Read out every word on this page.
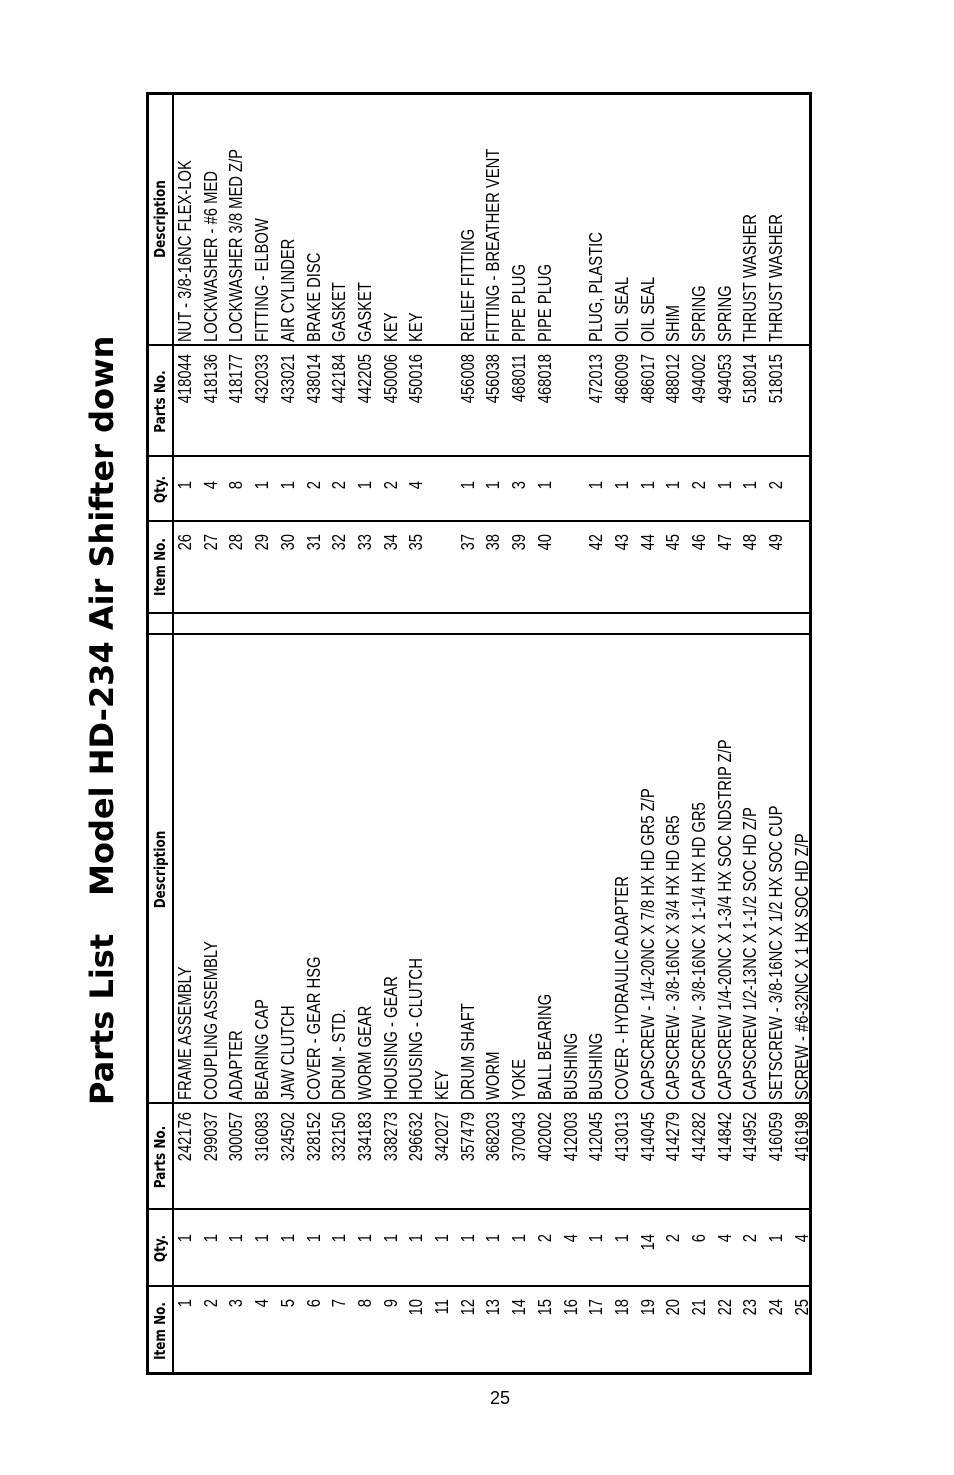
Parts ListModel HD-234 Air Shifter down
Item No.
Qty.
Parts No.
Description
Item No.
Qty.
Parts No.
Description
1
1
242176
FRAME ASSEMBLY
2
1
299037
COUPLING ASSEMBLY
3
1
300057
ADAPTER
4
1
316083
BEARING CAP
5
1
324502
JAW CLUTCH
6
1
328152
COVER - GEAR HSG
7
1
332150
DRUM - STD.
8
1
334183
WORM GEAR
9
1
338273
HOUSING - GEAR
10
1
296632
HOUSING - CLUTCH
11
1
342027
KEY
12
1
357479
DRUM SHAFT
13
1
368203
WORM
14
1
370043
YOKE
15
2
402002
BALL BEARING
16
4
412003
BUSHING
17
1
412045
BUSHING
18
1
413013
COVER - HYDRAULIC ADAPTER
19
14
414045
CAPSCREW - 1/4-20NC X 7/8 HX HD GR5 Z/P
20
2
414279
CAPSCREW - 3/8-16NC X 3/4 HX HD GR5
21
6
414282
CAPSCREW - 3/8-16NC X 1-1/4 HX HD GR5
22
4
414842
CAPSCREW 1/4-20NC X 1-3/4 HX SOC NDSTRIP Z/P
23
2
414952
CAPSCREW 1/2-13NC X 1-1/2 SOC HD Z/P
24
1
416059
SETSCREW - 3/8-16NC X 1/2 HX SOC CUP
25
4
416198
SCREW - #6-32NC X 1 HX SOC HD Z/P
26
1
418044
NUT - 3/8-16NC FLEX-LOK
27
4
418136
LOCKWASHER - #6 MED
28
8
418177
LOCKWASHER 3/8 MED Z/P
29
1
432033
FITTING - ELBOW
30
1
433021
AIR CYLINDER
31
2
438014
BRAKE DISC
32
2
442184
GASKET
33
1
442205
GASKET
34
2
450006
KEY
35
4
450016
KEY
37
1
456008
RELIEF FITTING
38
1
456038
FITTING - BREATHER VENT
39
3
468011
PIPE PLUG
40
1
468018
PIPE PLUG
42
1
472013
PLUG, PLASTIC
43
1
486009
OIL SEAL
44
1
486017
OIL SEAL
45
1
488012
SHIM
46
2
494002
SPRING
47
1
494053
SPRING
48
1
518014
THRUST WASHER
49
2
518015
THRUST WASHER
25
